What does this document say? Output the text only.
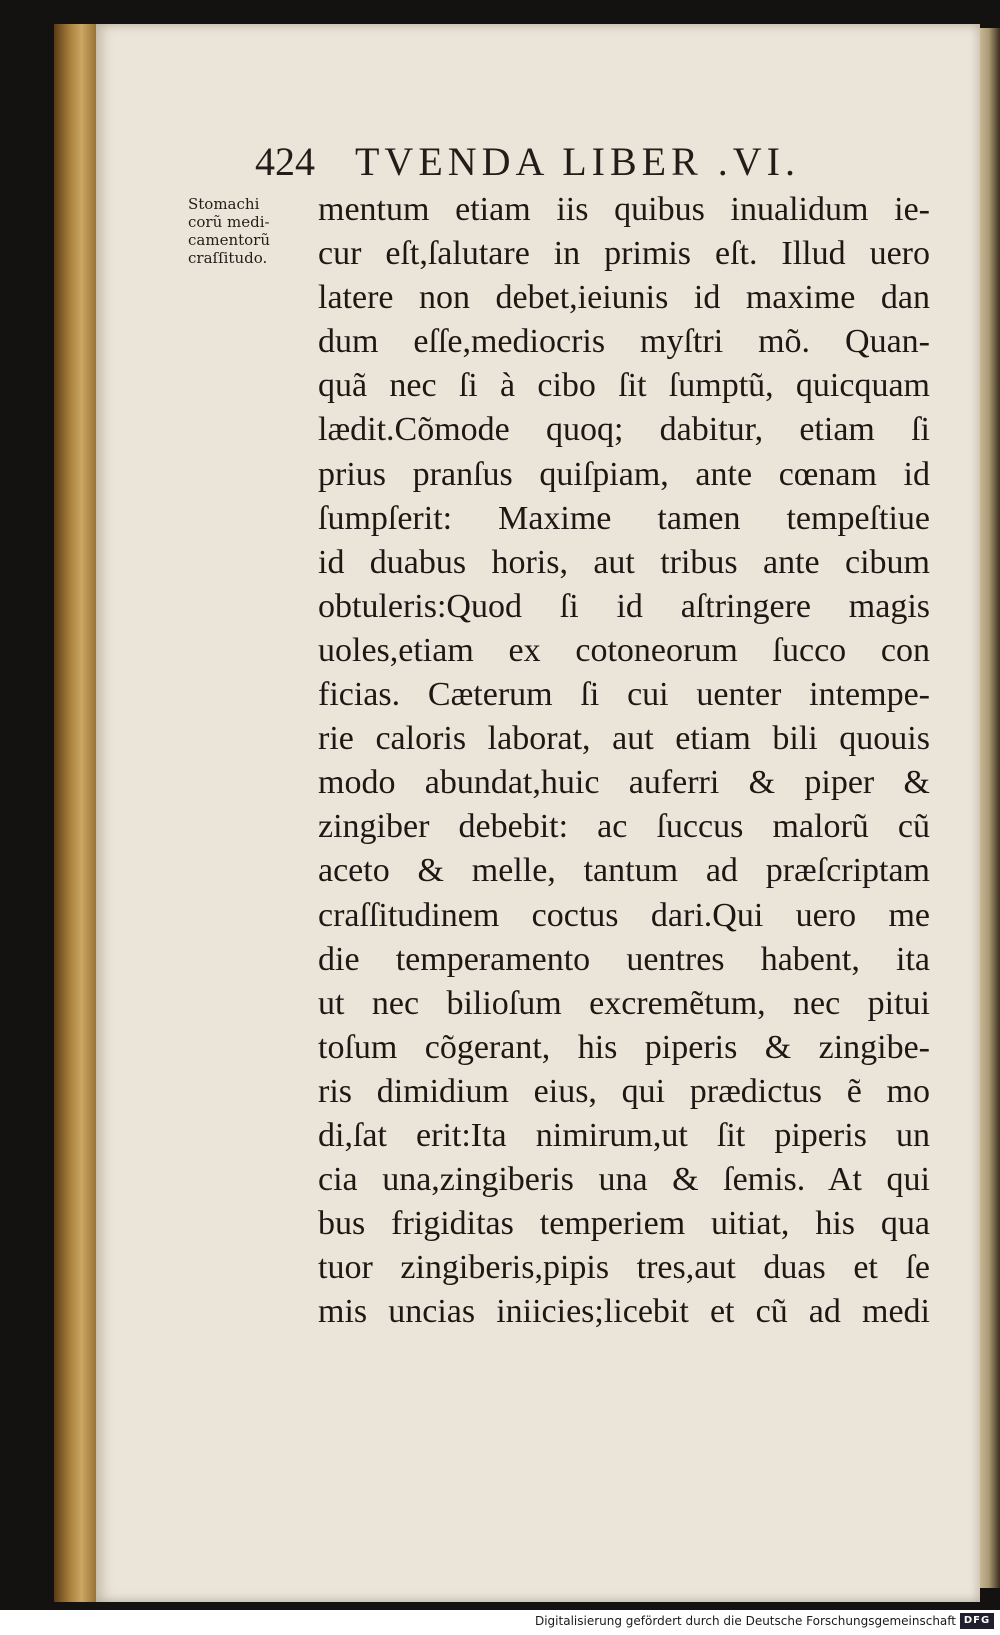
424 TVENDA LIBER .VI.
Stomachi
corũ medi-
camentorũ
craſſitudo.
mentum etiam iis quibus inualidum ie-
cur eſt,ſalutare in primis eſt. Illud uero
latere non debet,ieiunis id maxime dan
dum eſſe,mediocris myſtri mõ. Quan-
quã nec ſi à cibo ſit ſumptũ, quicquam
lædit.Cõmode quoq; dabitur, etiam ſi
prius pranſus quiſpiam, ante cœnam id
ſumpſerit: Maxime tamen tempeſtiue
id duabus horis, aut tribus ante cibum
obtuleris:Quod ſi id aſtringere magis
uoles,etiam ex cotoneorum ſucco con
ficias. Cæterum ſi cui uenter intempe-
rie caloris laborat, aut etiam bili quouis
modo abundat,huic auferri & piper &
zingiber debebit: ac ſuccus malorũ cũ
aceto & melle, tantum ad præſcriptam
craſſitudinem coctus dari.Qui uero me
die temperamento uentres habent, ita
ut nec bilioſum excremẽtum, nec pitui
toſum cõgerant, his piperis & zingibe-
ris dimidium eius, qui prædictus ẽ mo
di,ſat erit:Ita nimirum,ut ſit piperis un
cia una,zingiberis una & ſemis. At qui
bus frigiditas temperiem uitiat, his qua
tuor zingiberis,pipis tres,aut duas et ſe
mis uncias iniicies;licebit et cũ ad medi
Digitalisierung gefördert durch die Deutsche Forschungsgemeinschaft DFG
